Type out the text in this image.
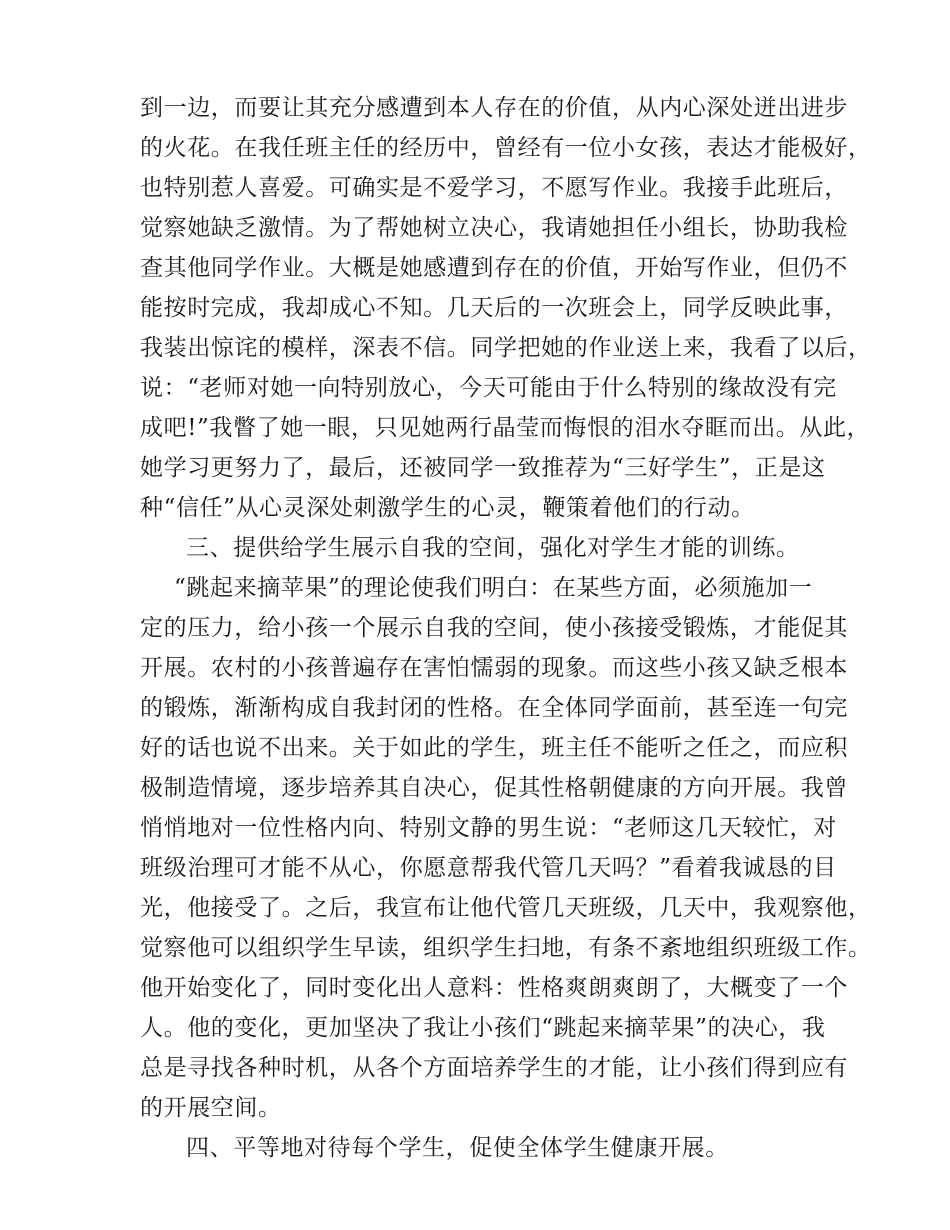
到一边，而要让其充分感遭到本人存在的价值，从内心深处迸出进步
的火花。在我任班主任的经历中，曾经有一位小女孩，表达才能极好，
也特别惹人喜爱。可确实是不爱学习，不愿写作业。我接手此班后，
觉察她缺乏激情。为了帮她树立决心，我请她担任小组长，协助我检
查其他同学作业。大概是她感遭到存在的价值，开始写作业，但仍不
能按时完成，我却成心不知。几天后的一次班会上，同学反映此事，
我装出惊诧的模样，深表不信。同学把她的作业送上来，我看了以后，
说：“老师对她一向特别放心，今天可能由于什么特别的缘故没有完
成吧!”我瞥了她一眼，只见她两行晶莹而悔恨的泪水夺眶而出。从此，
她学习更努力了，最后，还被同学一致推荐为“三好学生”，正是这
种“信任”从心灵深处刺激学生的心灵，鞭策着他们的行动。
三、提供给学生展示自我的空间，强化对学生才能的训练。
“跳起来摘苹果”的理论使我们明白：在某些方面，必须施加一
定的压力，给小孩一个展示自我的空间，使小孩接受锻炼，才能促其
开展。农村的小孩普遍存在害怕懦弱的现象。而这些小孩又缺乏根本
的锻炼，渐渐构成自我封闭的性格。在全体同学面前，甚至连一句完
好的话也说不出来。关于如此的学生，班主任不能听之任之，而应积
极制造情境，逐步培养其自决心，促其性格朝健康的方向开展。我曾
悄悄地对一位性格内向、特别文静的男生说：“老师这几天较忙，对
班级治理可才能不从心，你愿意帮我代管几天吗？”看着我诚恳的目
光，他接受了。之后，我宣布让他代管几天班级，几天中，我观察他，
觉察他可以组织学生早读，组织学生扫地，有条不紊地组织班级工作。
他开始变化了，同时变化出人意料：性格爽朗爽朗了，大概变了一个
人。他的变化，更加坚决了我让小孩们“跳起来摘苹果”的决心，我
总是寻找各种时机，从各个方面培养学生的才能，让小孩们得到应有
的开展空间。
四、平等地对待每个学生，促使全体学生健康开展。
